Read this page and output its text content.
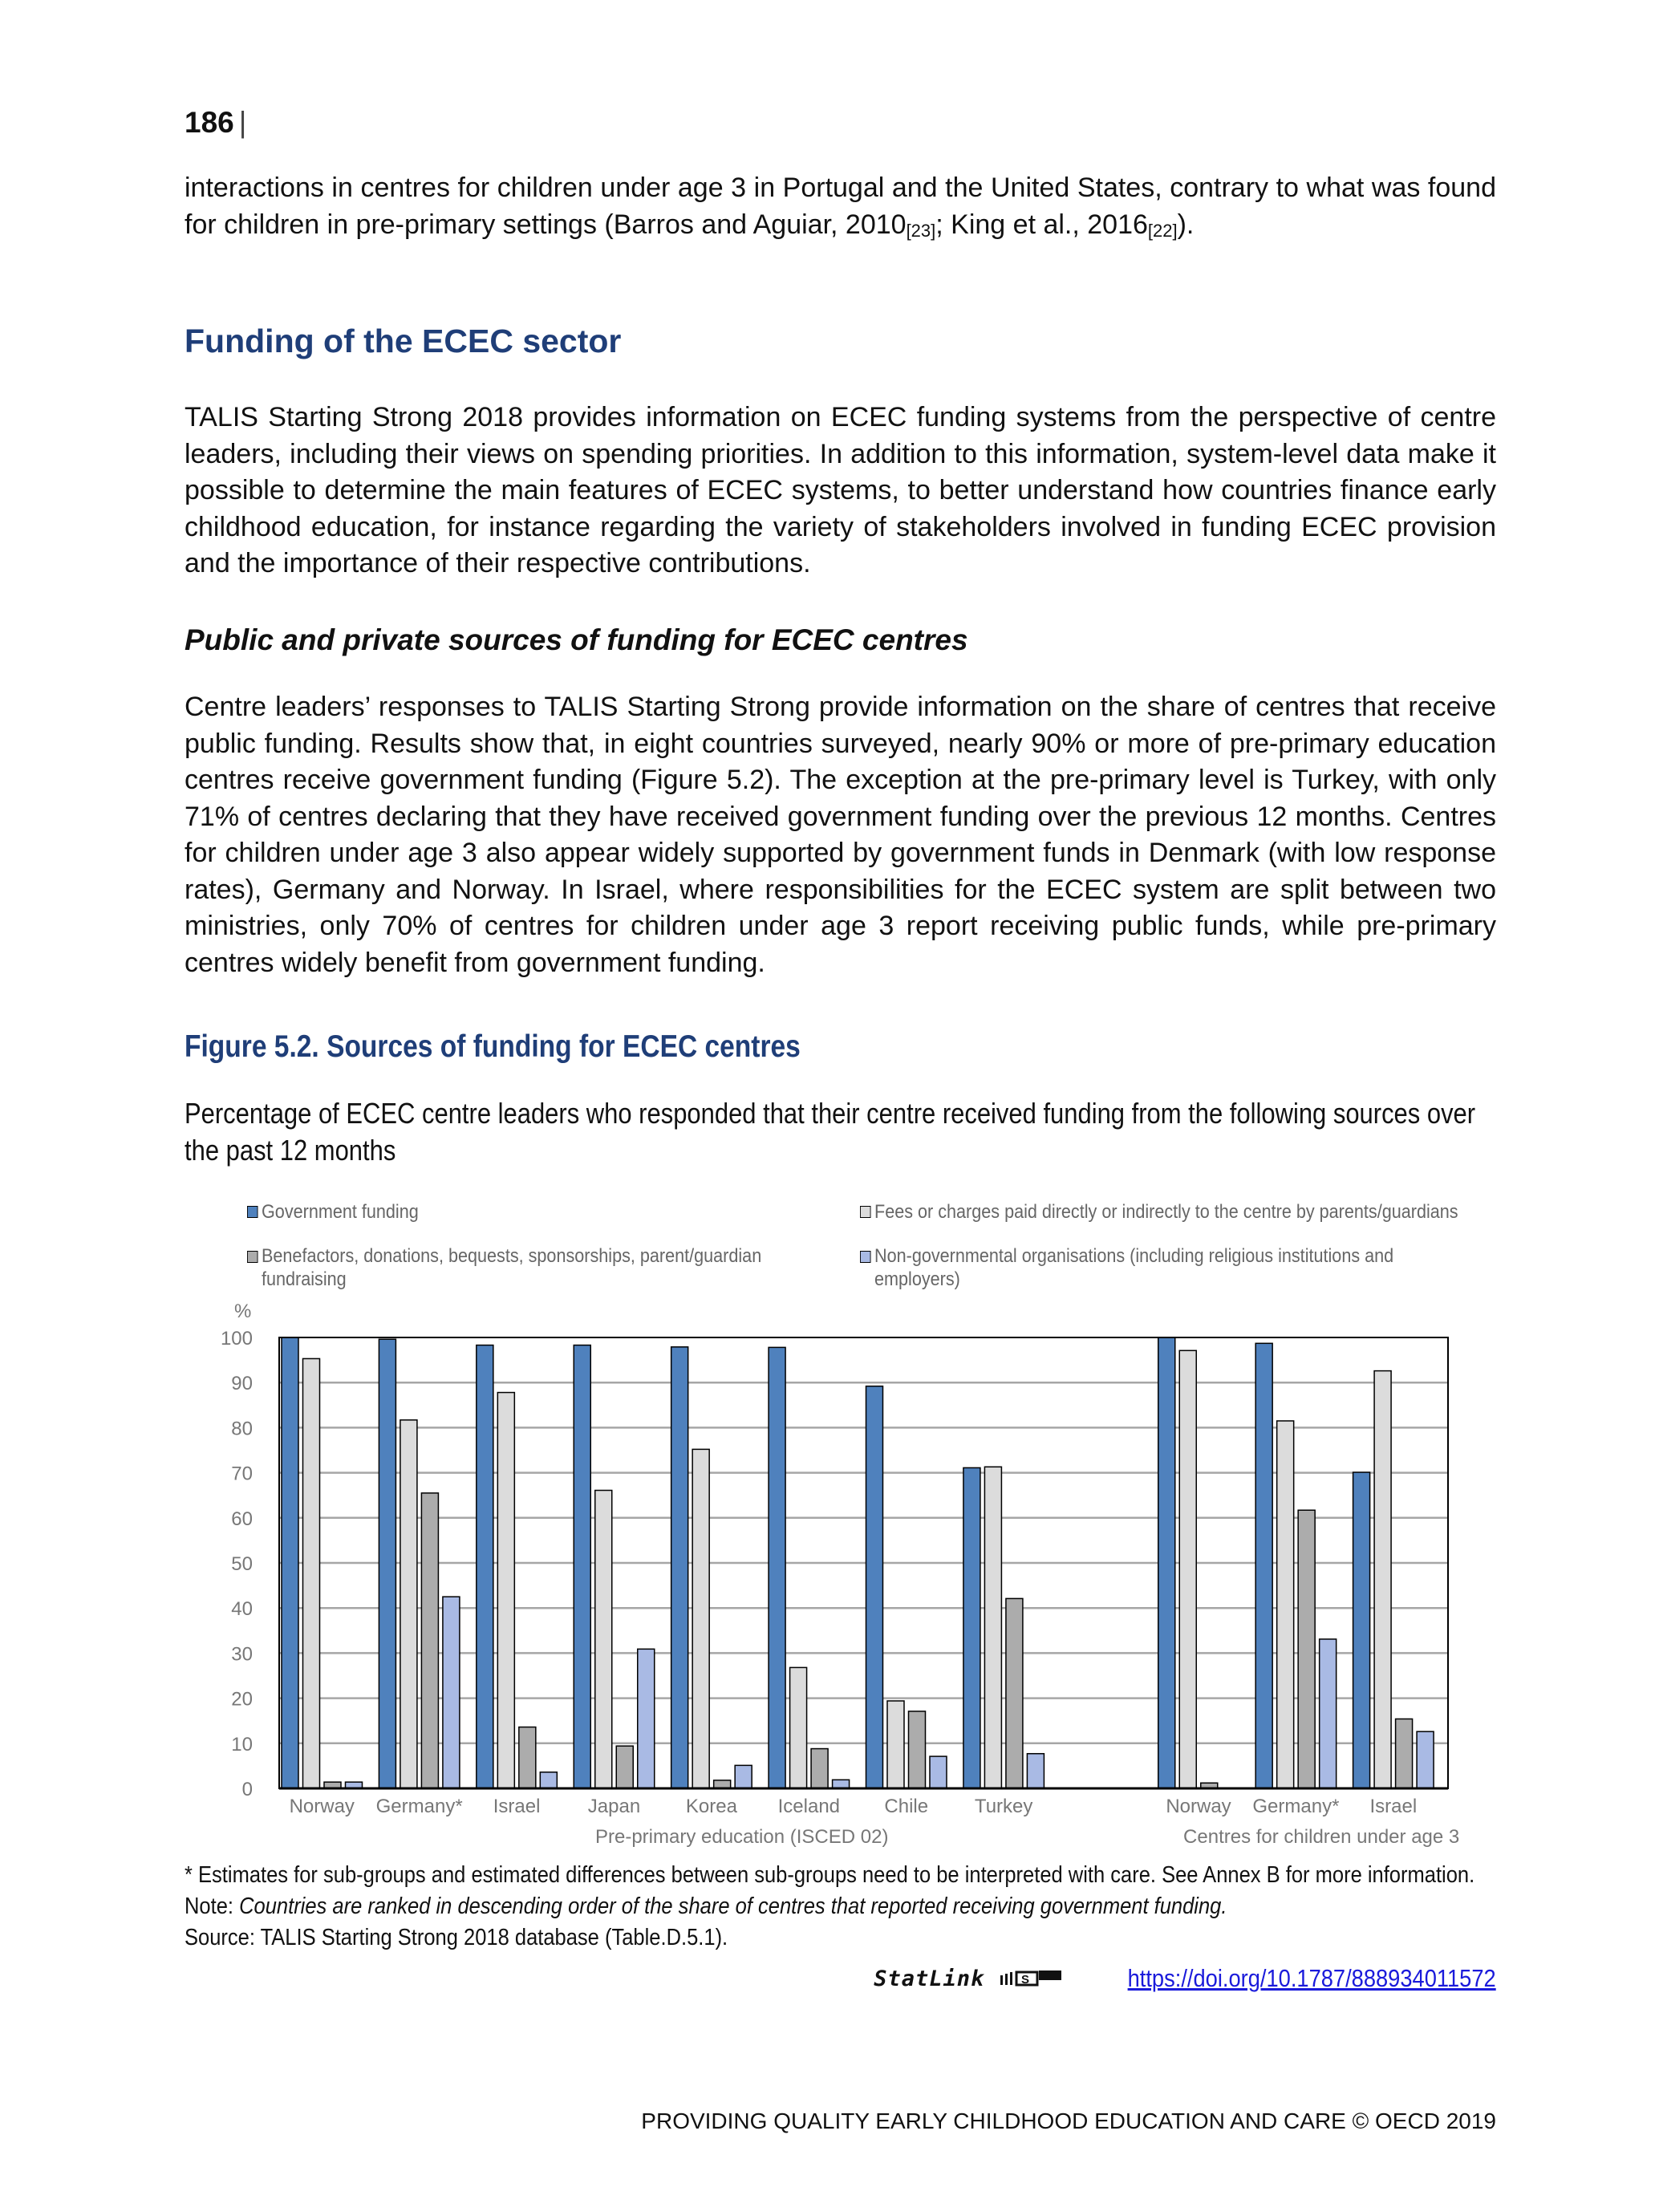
186 |

interactions in centres for children under age 3 in Portugal and the United States, contrary to what was found for children in pre-primary settings (Barros and Aguiar, $2010_{[23]}$; King et al., $2016_{[22]}$).

Funding of the ECEC sector

TALIS Starting Strong 2018 provides information on ECEC funding systems from the perspective of centre leaders, including their views on spending priorities. In addition to this information, system-level data make it possible to determine the main features of ECEC systems, to better understand how countries finance early childhood education, for instance regarding the variety of stakeholders involved in funding ECEC provision and the importance of their respective contributions.

Public and private sources of funding for ECEC centres

Centre leaders’ responses to TALIS Starting Strong provide information on the share of centres that receive public funding. Results show that, in eight countries surveyed, nearly 90% or more of pre-primary education centres receive government funding (Figure 5.2). The exception at the pre-primary level is Turkey, with only 71% of centres declaring that they have received government funding over the previous 12 months. Centres for children under age 3 also appear widely supported by government funds in Denmark (with low response rates), Germany and Norway. In Israel, where responsibilities for the ECEC system are split between two ministries, only 70% of centres for children under age 3 report receiving public funds, while pre-primary centres widely benefit from government funding.

Figure 5.2. Sources of funding for ECEC centres
Percentage of ECEC centre leaders who responded that their centre received funding from the following sources over the past 12 months
Government funding	Fees or charges paid directly or indirectly to the centre by parents/guardians
Benefactors, donations, bequests, sponsorships, parent/guardian fundraising
Non-governmental organisations (including religious institutions and employers)
%
0
10
20
30
40
50
60
70
80
90
100
Norway Germany* Israel Japan Korea Iceland Chile Turkey	Norway Germany* Israel
Pre-primary education (ISCED 02)	Centres for children under age 3
* Estimates for sub-groups and estimated differences between sub-groups need to be interpreted with care. See Annex B for more information.
Note: Countries are ranked in descending order of the share of centres that reported receiving government funding.
Source: TALIS Starting Strong 2018 database (Table.D.5.1).
StatLink	S	https://doi.org/10.1787/888934011572
PROVIDING QUALITY EARLY CHILDHOOD EDUCATION AND CARE © OECD 2019
